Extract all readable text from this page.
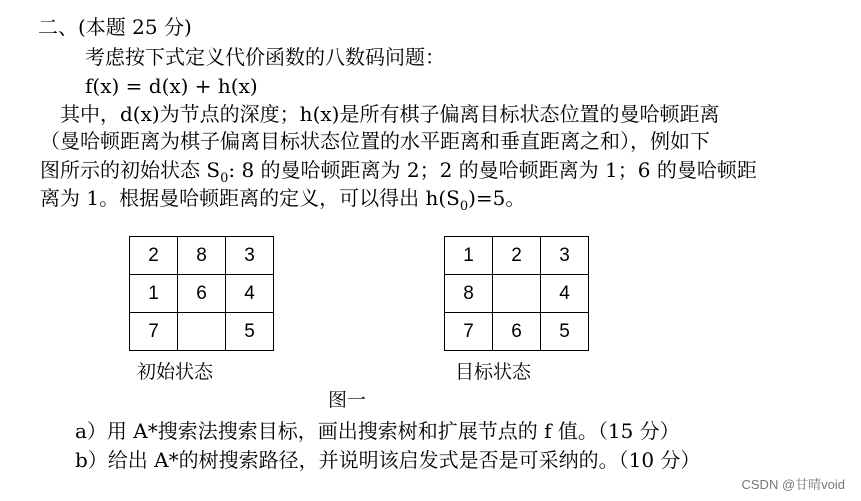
二、(本题 25 分)
考虑按下式定义代价函数的八数码问题：
f(x) = d(x) + h(x)
其中，d(x)为节点的深度；h(x)是所有棋子偏离目标状态位置的曼哈顿距离
（曼哈顿距离为棋子偏离目标状态位置的水平距离和垂直距离之和），例如下
图所示的初始状态 $S_0$: 8 的曼哈顿距离为 2；2 的曼哈顿距离为 1；6 的曼哈顿距
离为 1。根据曼哈顿距离的定义，可以得出 $h(S_0)=5$。
2	8	3
1	6	4
7		5
初始状态
1	2	3
8		4
7	6	5
目标状态
图一
a）用 A*搜索法搜索目标，画出搜索树和扩展节点的 f 值。（15 分）
b）给出 A*的树搜索路径，并说明该启发式是否是可采纳的。（10 分）
CSDN @甘晴void
